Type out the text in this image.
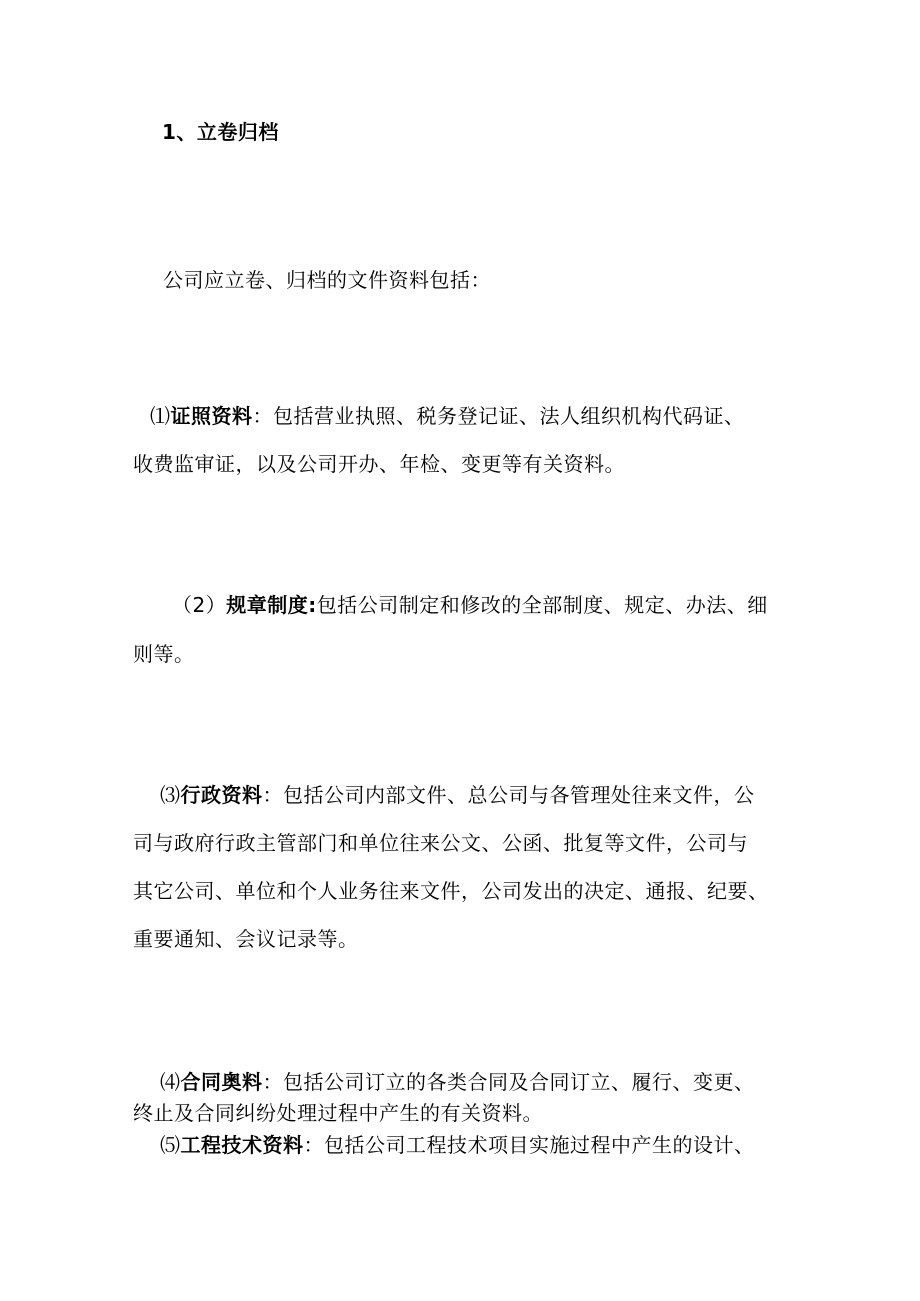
1、立卷归档
公司应立卷、归档的文件资料包括：
⑴证照资料：包括营业执照、税务登记证、法人组织机构代码证、
收费监审证，以及公司开办、年检、变更等有关资料。
（2）规章制度:包括公司制定和修改的全部制度、规定、办法、细
则等。
⑶行政资料：包括公司内部文件、总公司与各管理处往来文件，公
司与政府行政主管部门和单位往来公文、公函、批复等文件，公司与
其它公司、单位和个人业务往来文件，公司发出的决定、通报、纪要、
重要通知、会议记录等。
⑷合同奥料：包括公司订立的各类合同及合同订立、履行、变更、
终止及合同纠纷处理过程中产生的有关资料。
⑸工程技术资料：包括公司工程技术项目实施过程中产生的设计、
